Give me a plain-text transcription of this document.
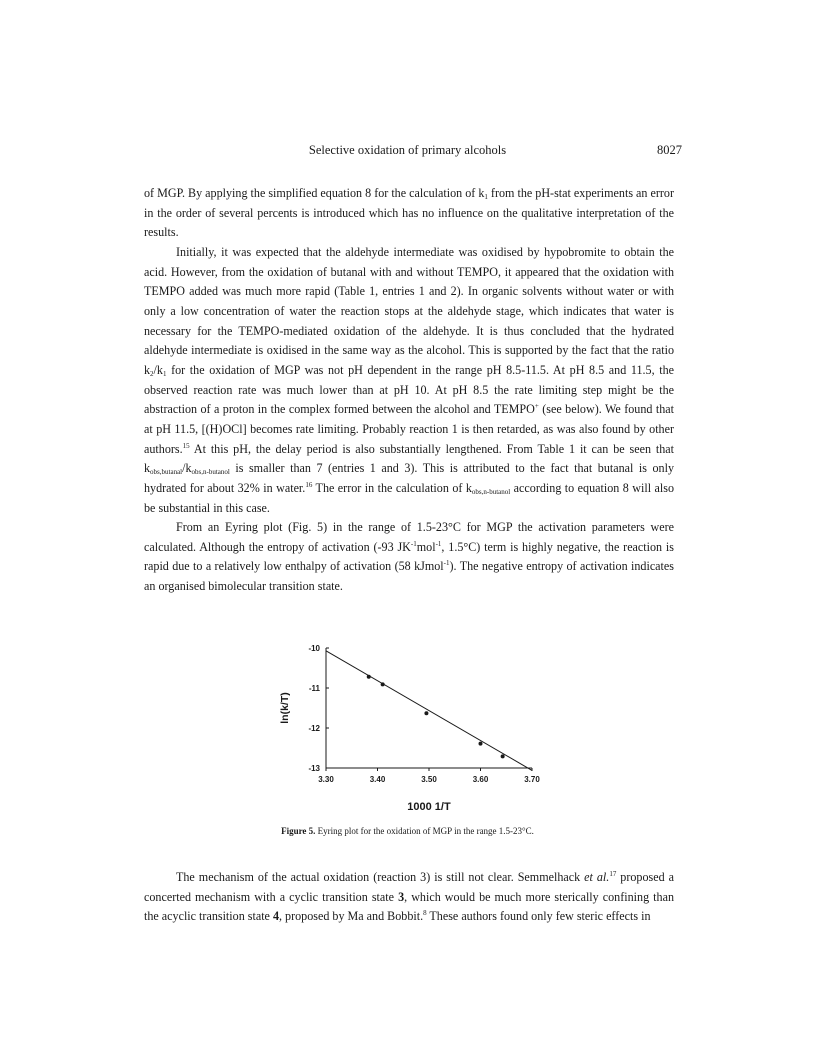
Selective oxidation of primary alcohols	8027

of MGP. By applying the simplified equation 8 for the calculation of $k_1$ from the pH-stat experiments an error in the order of several percents is introduced which has no influence on the qualitative interpretation of the results.

Initially, it was expected that the aldehyde intermediate was oxidised by hypobromite to obtain the acid. However, from the oxidation of butanal with and without TEMPO, it appeared that the oxidation with TEMPO added was much more rapid (Table 1, entries 1 and 2). In organic solvents without water or with only a low concentration of water the reaction stops at the aldehyde stage, which indicates that water is necessary for the TEMPO-mediated oxidation of the aldehyde. It is thus concluded that the hydrated aldehyde intermediate is oxidised in the same way as the alcohol. This is supported by the fact that the ratio $k_2/k_1$ for the oxidation of MGP was not pH dependent in the range pH 8.5-11.5. At pH 8.5 and 11.5, the observed reaction rate was much lower than at pH 10. At pH 8.5 the rate limiting step might be the abstraction of a proton in the complex formed between the alcohol and TEMPO+ (see below). We found that at pH 11.5, [(H)OCl] becomes rate limiting. Probably reaction 1 is then retarded, as was also found by other authors.$^{15}$ At this pH, the delay period is also substantially lengthened. From Table 1 it can be seen that $k_{obs,butanal}/k_{obs,n-butanol}$ is smaller than 7 (entries 1 and 3). This is attributed to the fact that butanal is only hydrated for about 32% in water.$^{16}$ The error in the calculation of $k_{obs,n-butanol}$ according to equation 8 will also be substantial in this case.

From an Eyring plot (Fig. 5) in the range of 1.5-23°C for MGP the activation parameters were calculated. Although the entropy of activation (-93 $JK^{-1}mol^{-1}$, 1.5°C) term is highly negative, the reaction is rapid due to a relatively low enthalpy of activation (58 kJmol$^{-1}$). The negative entropy of activation indicates an organised bimolecular transition state.

3.30	3.40	3.50	3.60	3.70
-10
-11
-12
-13
ln(k/T)
1000 1/T
Figure 5. Eyring plot for the oxidation of MGP in the range 1.5-23°C.

The mechanism of the actual oxidation (reaction 3) is still not clear. Semmelhack et al.$^{17}$ proposed a concerted mechanism with a cyclic transition state 3, which would be much more sterically confining than the acyclic transition state 4, proposed by Ma and Bobbit.$^8$ These authors found only few steric effects in
